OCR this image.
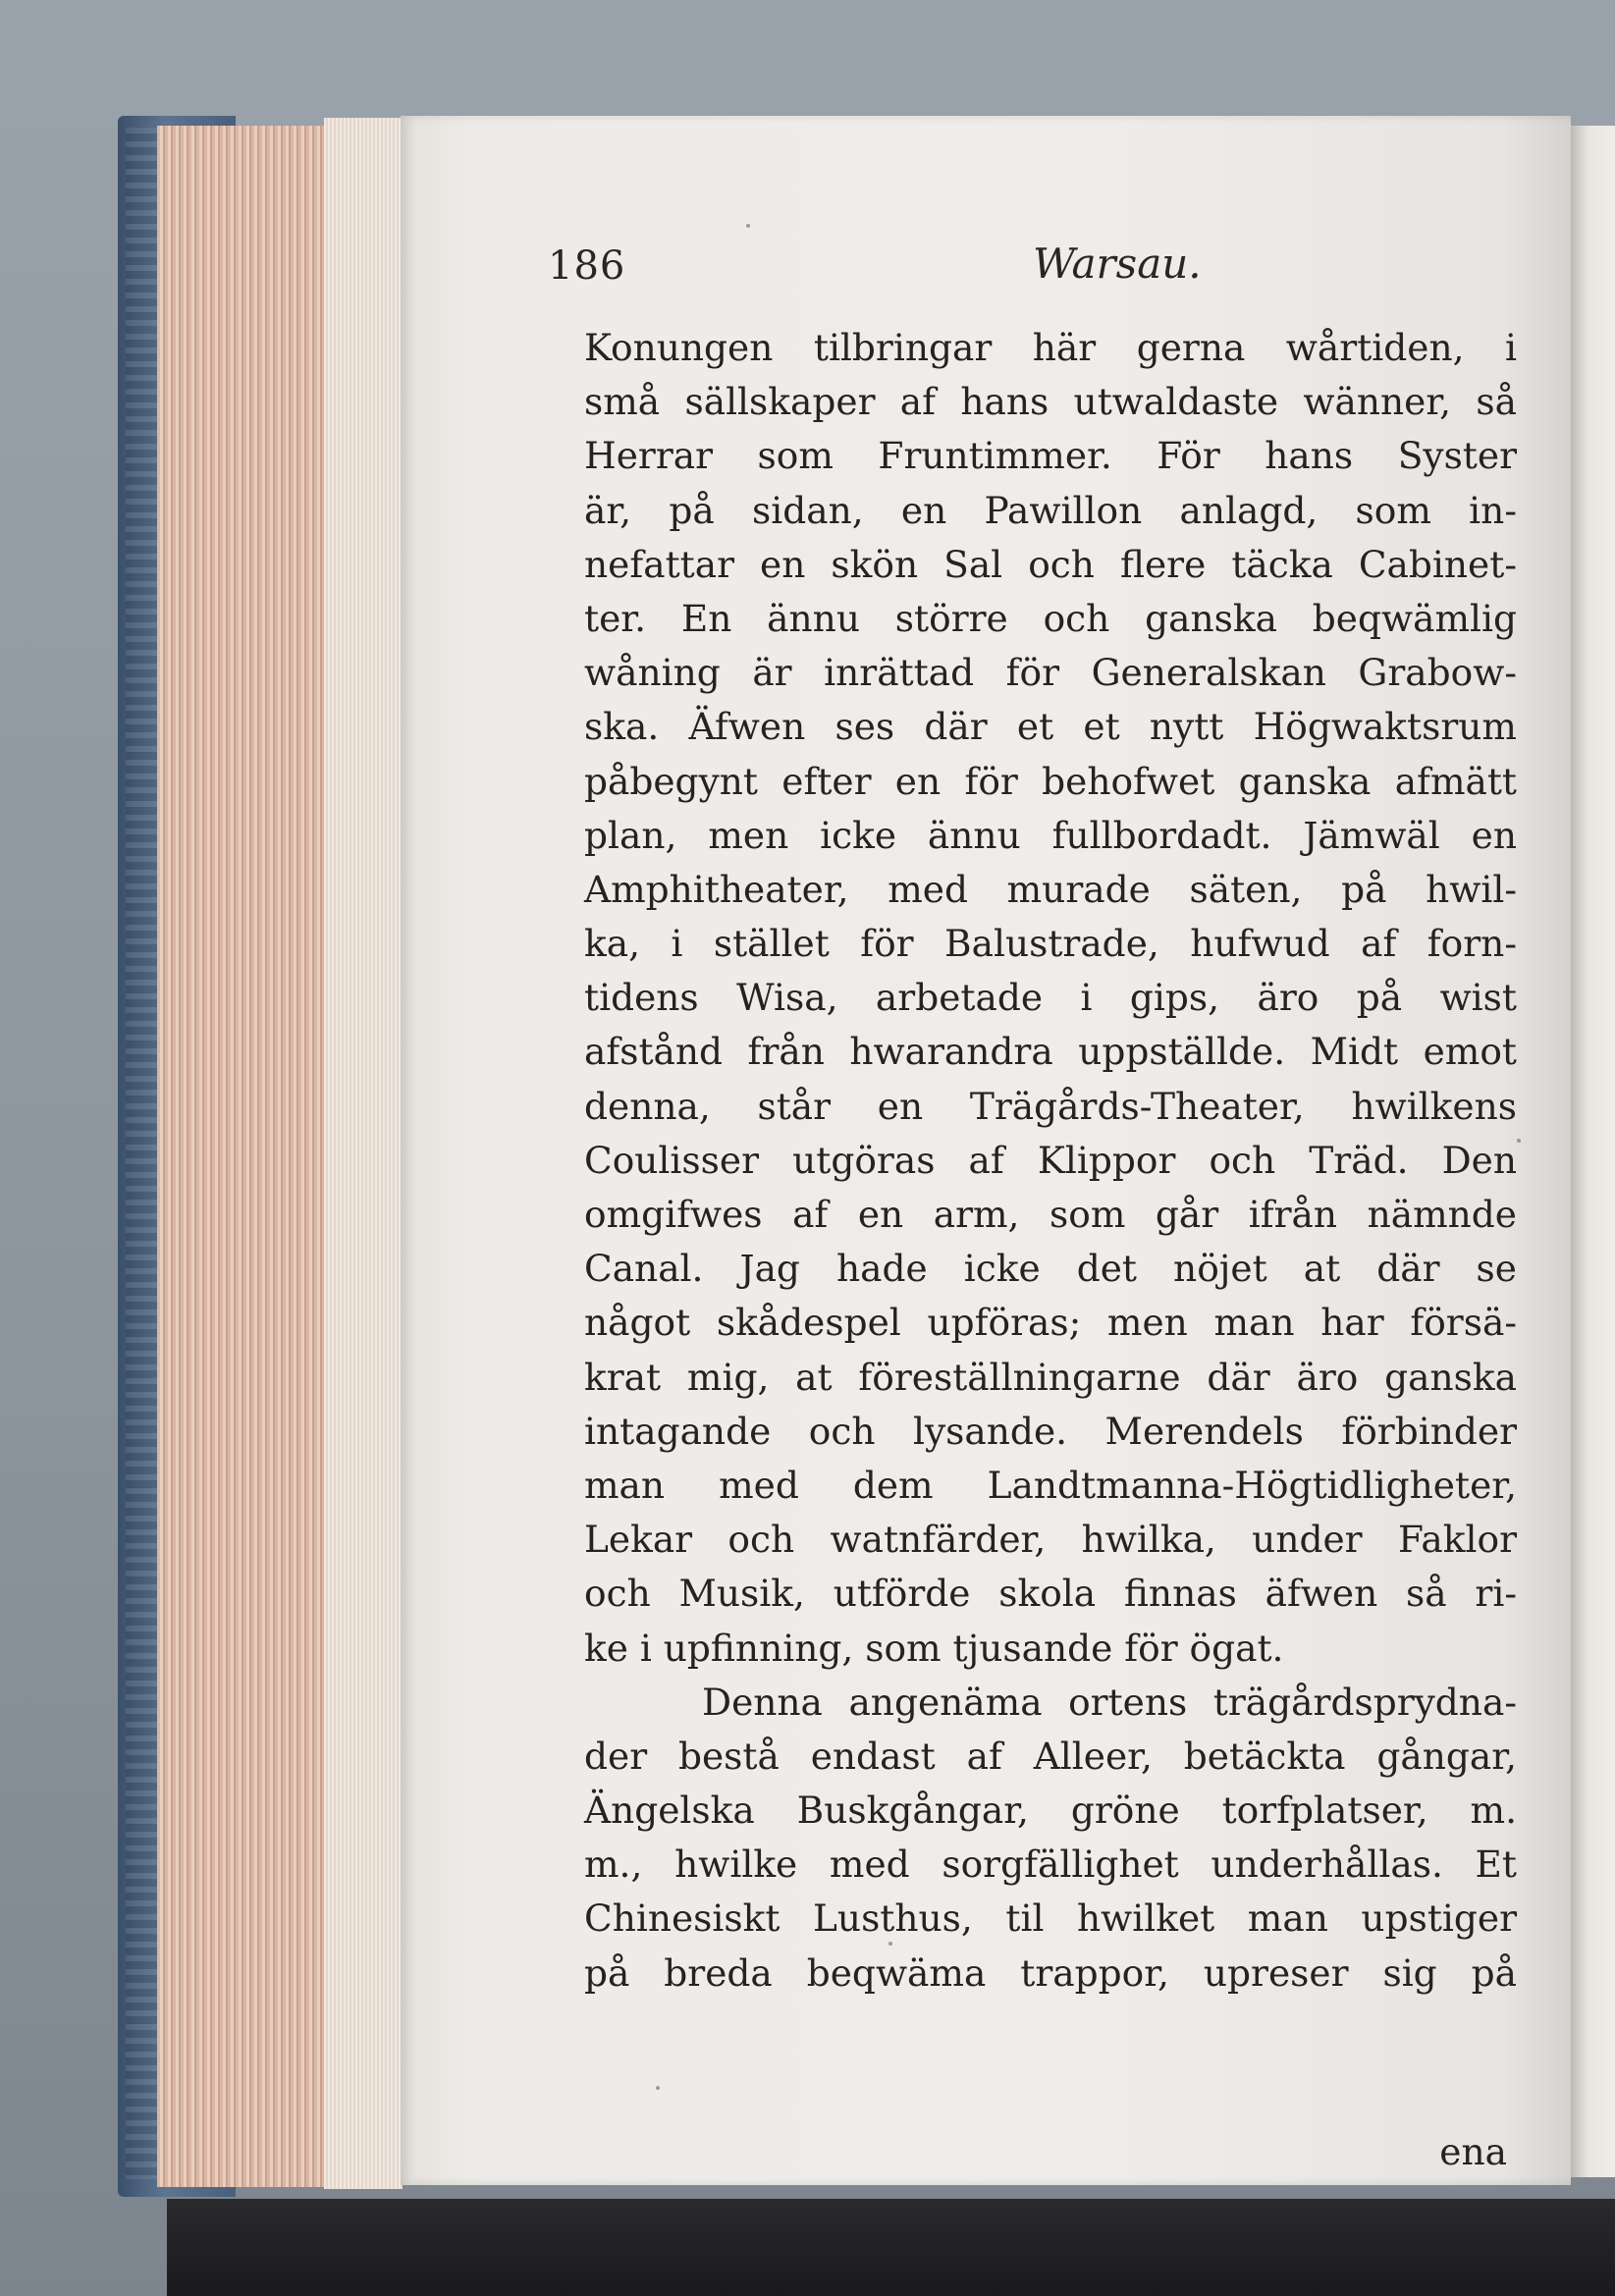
186	Warsau.
Konungen tilbringar här gerna wårtiden, i
små sällskaper af hans utwaldaste wänner, så
Herrar som Fruntimmer. För hans Syster
är, på sidan, en Pawillon anlagd, som in-
nefattar en skön Sal och flere täcka Cabinet-
ter. En ännu större och ganska beqwämlig
wåning är inrättad för Generalskan Grabow-
ska. Äfwen ses där et et nytt Högwaktsrum
påbegynt efter en för behofwet ganska afmätt
plan, men icke ännu fullbordadt. Jämwäl en
Amphitheater, med murade säten, på hwil-
ka, i stället för Balustrade, hufwud af forn-
tidens Wisa, arbetade i gips, äro på wist
afstånd från hwarandra uppställde. Midt emot
denna, står en Trägårds-Theater, hwilkens
Coulisser utgöras af Klippor och Träd. Den
omgifwes af en arm, som går ifrån nämnde
Canal. Jag hade icke det nöjet at där se
något skådespel upföras; men man har försä-
krat mig, at föreställningarne där äro ganska
intagande och lysande. Merendels förbinder
man med dem Landtmanna-Högtidligheter,
Lekar och watnfärder, hwilka, under Faklor
och Musik, utförde skola finnas äfwen så ri-
ke i upfinning, som tjusande för ögat.
Denna angenäma ortens trägårdsprydna-
der bestå endast af Alleer, betäckta gångar,
Ängelska Buskgångar, gröne torfplatser, m.
m., hwilke med sorgfällighet underhållas. Et
Chinesiskt Lusthus, til hwilket man upstiger
på breda beqwäma trappor, upreser sig på
ena
